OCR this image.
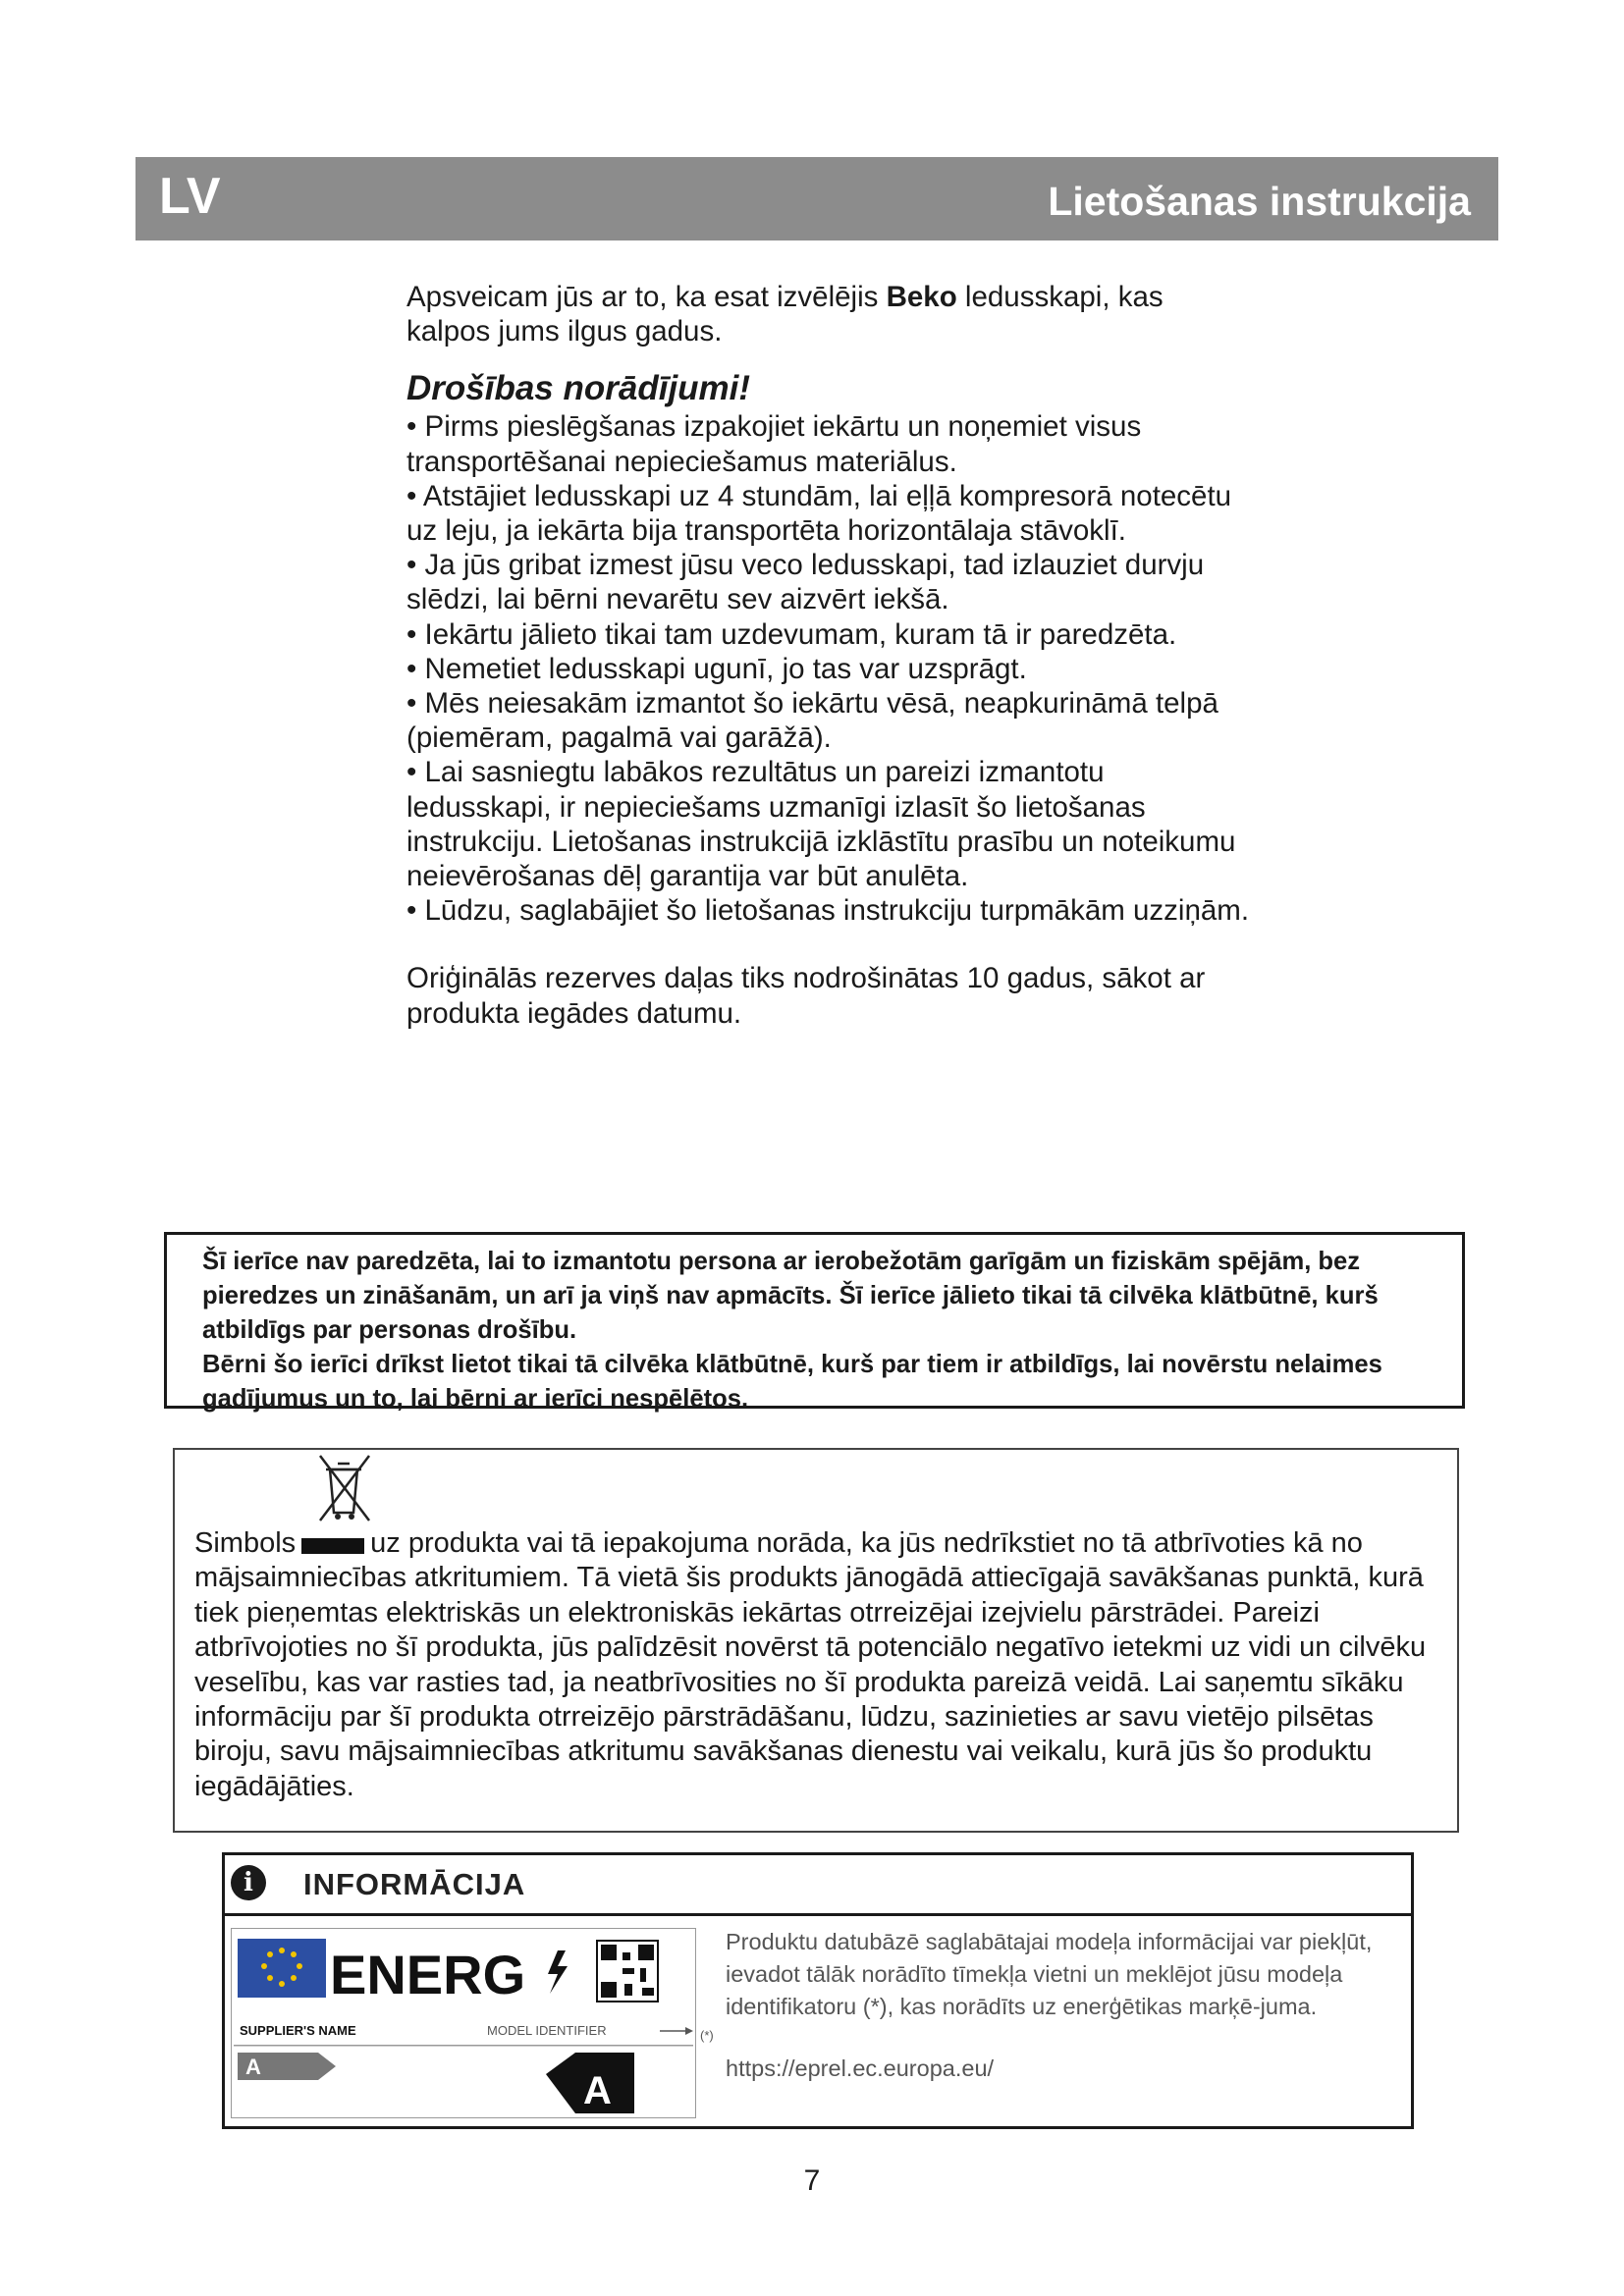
LV	Lietošanas instrukcija

Apsveicam jūs ar to, ka esat izvēlējis Beko ledusskapi, kas kalpos jums ilgus gadus.

Drošības norādījumi!
• Pirms pieslēgšanas izpakojiet iekārtu un noņemiet visus transportēšanai nepieciešamus materiālus.
• Atstājiet ledusskapi uz 4 stundām, lai eļļā kompresorā notecētu uz leju, ja iekārta bija transportēta horizontālaja stāvoklī.
• Ja jūs gribat izmest jūsu veco ledusskapi, tad izlauziet durvju slēdzi, lai bērni nevarētu sev aizvērt iekšā.
• Iekārtu jālieto tikai tam uzdevumam, kuram tā ir paredzēta.
• Nemetiet ledusskapi ugunī, jo tas var uzsprāgt.
• Mēs neiesakām izmantot šo iekārtu vēsā, neapkurināmā telpā (piemēram, pagalmā vai garāžā).
• Lai sasniegtu labākos rezultātus un pareizi izmantotu ledusskapi, ir nepieciešams uzmanīgi izlasīt šo lietošanas instrukciju. Lietošanas instrukcijā izklāstītu prasību un noteikumu neievērošanas dēļ garantija var būt anulēta.
• Lūdzu, saglabājiet šo lietošanas instrukciju turpmākām uzziņām.

Oriģinālās rezerves daļas tiks nodrošinātas 10 gadus, sākot ar produkta iegādes datumu.

Šī ierīce nav paredzēta, lai to izmantotu persona ar ierobežotām garīgām un fiziskām spējām, bez pieredzes un zināšanām, un arī ja viņš nav apmācīts. Šī ierīce jālieto tikai tā cilvēka klātbūtnē, kurš atbildīgs par personas drošību.

Bērni šo ierīci drīkst lietot tikai tā cilvēka klātbūtnē, kurš par tiem ir atbildīgs, lai novērstu nelaimes gadījumus un to, lai bērni ar ierīci nespēlētos.

Simbols	uz produkta vai tā iepakojuma norāda, ka jūs nedrīkstiet no tā atbrīvoties kā no mājsaimniecības atkritumiem. Tā vietā šis produkts jānogādā attiecīgajā savākšanas punktā, kurā tiek pieņemtas elektriskās un elektroniskās iekārtas otrreizējai izejvielu pārstrādei. Pareizi atbrīvojoties no šī produkta, jūs palīdzēsit novērst tā potenciālo negatīvo ietekmi uz vidi un cilvēku veselību, kas var rasties tad, ja neatbrīvosities no šī produkta pareizā veidā. Lai saņemtu sīkāku informāciju par šī produkta otrreizējo pārstrādāšanu, lūdzu, sazinieties ar savu vietējo pilsētas biroju, savu mājsaimniecības atkritumu savākšanas dienestu vai veikalu, kurā jūs šo produktu iegādājāties.

i	INFORMĀCIJA
ENERG
SUPPLIER'S NAME	MODEL IDENTIFIER
A
A
(*)

Produktu datubāzē saglabātajai modeļa informācijai var piekļūt, ievadot tālāk norādīto tīmekļa vietni un meklējot jūsu modeļa identifikatoru (*), kas norādīts uz enerģētikas marķē-juma.

https://eprel.ec.europa.eu/

7
